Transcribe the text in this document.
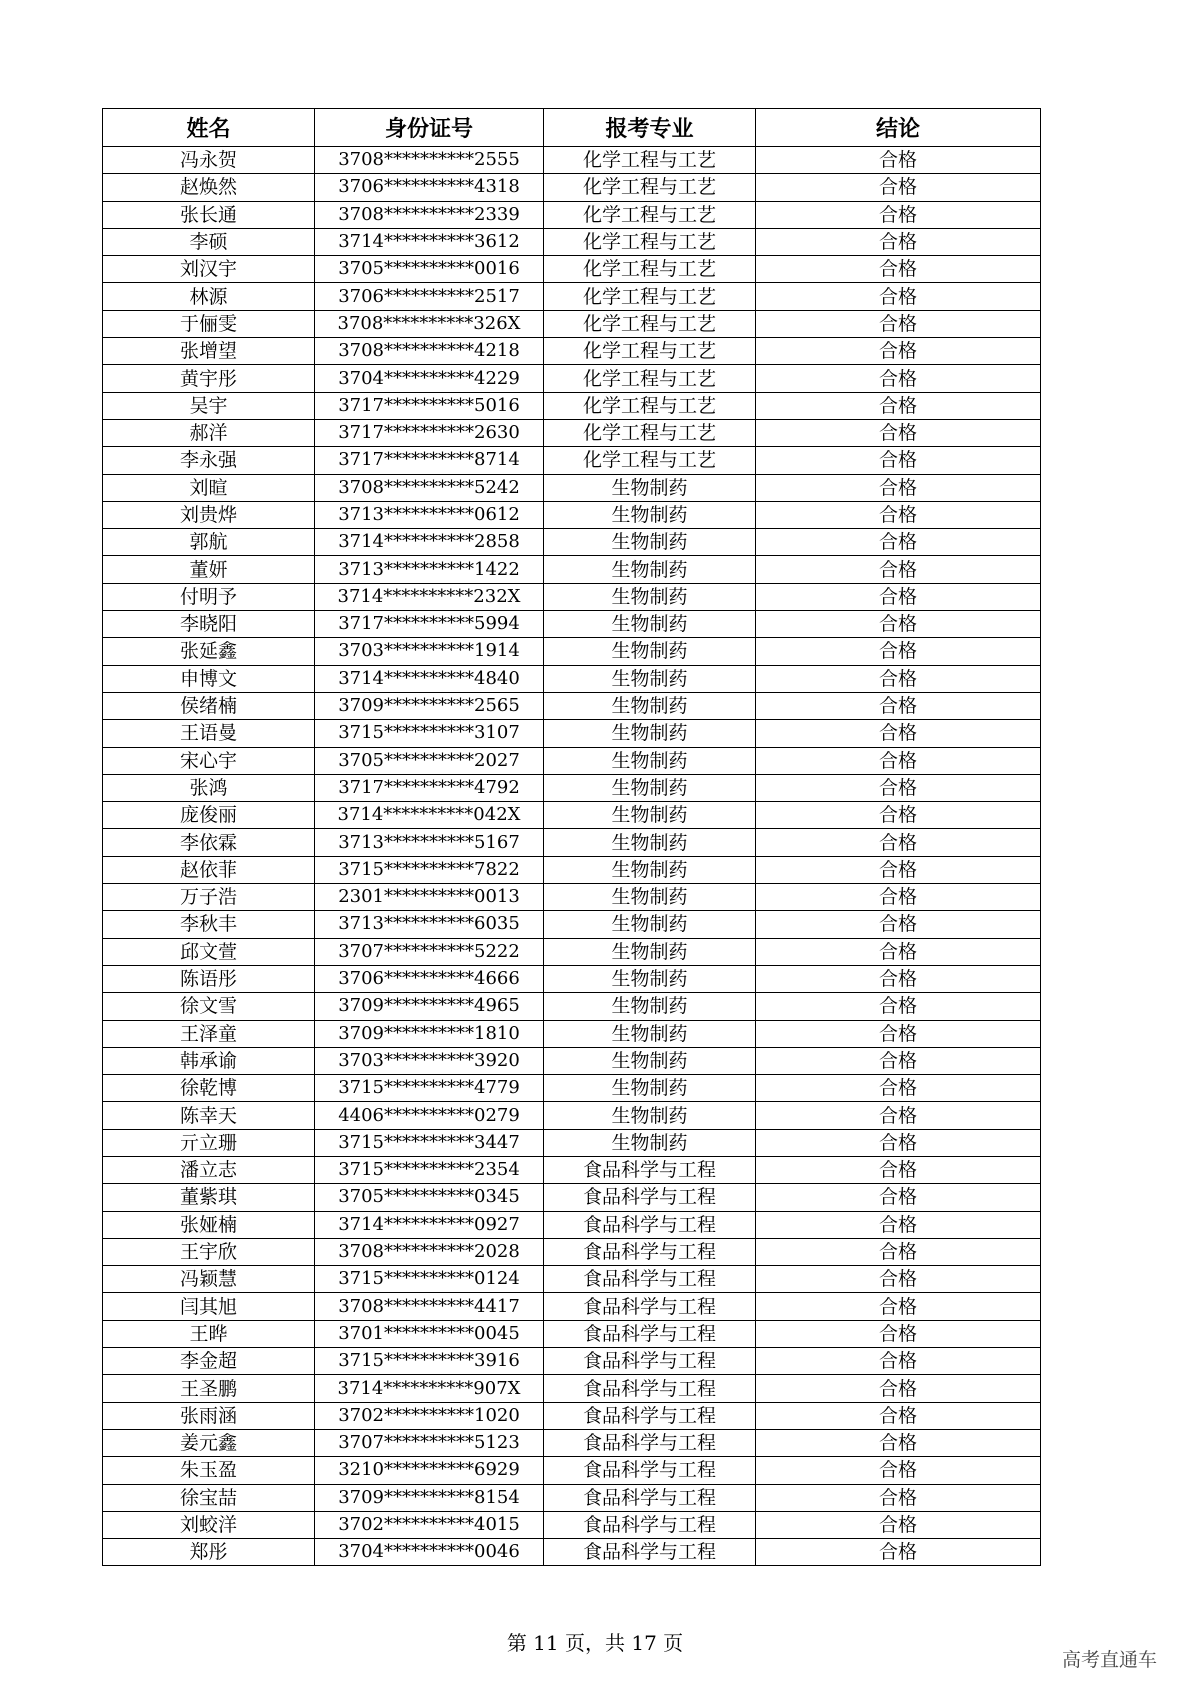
姓名	身份证号	报考专业	结论
冯永贺	3708**********2555	化学工程与工艺	合格
赵焕然	3706**********4318	化学工程与工艺	合格
张长通	3708**********2339	化学工程与工艺	合格
李硕	3714**********3612	化学工程与工艺	合格
刘汉宇	3705**********0016	化学工程与工艺	合格
林源	3706**********2517	化学工程与工艺	合格
于俪雯	3708**********326X	化学工程与工艺	合格
张增望	3708**********4218	化学工程与工艺	合格
黄宇彤	3704**********4229	化学工程与工艺	合格
吴宇	3717**********5016	化学工程与工艺	合格
郝洋	3717**********2630	化学工程与工艺	合格
李永强	3717**********8714	化学工程与工艺	合格
刘暄	3708**********5242	生物制药	合格
刘贵烨	3713**********0612	生物制药	合格
郭航	3714**********2858	生物制药	合格
董妍	3713**********1422	生物制药	合格
付明予	3714**********232X	生物制药	合格
李晓阳	3717**********5994	生物制药	合格
张延鑫	3703**********1914	生物制药	合格
申博文	3714**********4840	生物制药	合格
侯绪楠	3709**********2565	生物制药	合格
王语曼	3715**********3107	生物制药	合格
宋心宇	3705**********2027	生物制药	合格
张鸿	3717**********4792	生物制药	合格
庞俊丽	3714**********042X	生物制药	合格
李依霖	3713**********5167	生物制药	合格
赵依菲	3715**********7822	生物制药	合格
万子浩	2301**********0013	生物制药	合格
李秋丰	3713**********6035	生物制药	合格
邱文萱	3707**********5222	生物制药	合格
陈语彤	3706**********4666	生物制药	合格
徐文雪	3709**********4965	生物制药	合格
王泽童	3709**********1810	生物制药	合格
韩承谕	3703**********3920	生物制药	合格
徐乾博	3715**********4779	生物制药	合格
陈幸天	4406**********0279	生物制药	合格
亓立珊	3715**********3447	生物制药	合格
潘立志	3715**********2354	食品科学与工程	合格
董紫琪	3705**********0345	食品科学与工程	合格
张娅楠	3714**********0927	食品科学与工程	合格
王宇欣	3708**********2028	食品科学与工程	合格
冯颖慧	3715**********0124	食品科学与工程	合格
闫其旭	3708**********4417	食品科学与工程	合格
王晔	3701**********0045	食品科学与工程	合格
李金超	3715**********3916	食品科学与工程	合格
王圣鹏	3714**********907X	食品科学与工程	合格
张雨涵	3702**********1020	食品科学与工程	合格
姜元鑫	3707**********5123	食品科学与工程	合格
朱玉盈	3210**********6929	食品科学与工程	合格
徐宝喆	3709**********8154	食品科学与工程	合格
刘蛟洋	3702**********4015	食品科学与工程	合格
郑彤	3704**********0046	食品科学与工程	合格
第 11 页，共 17 页
高考直通车
